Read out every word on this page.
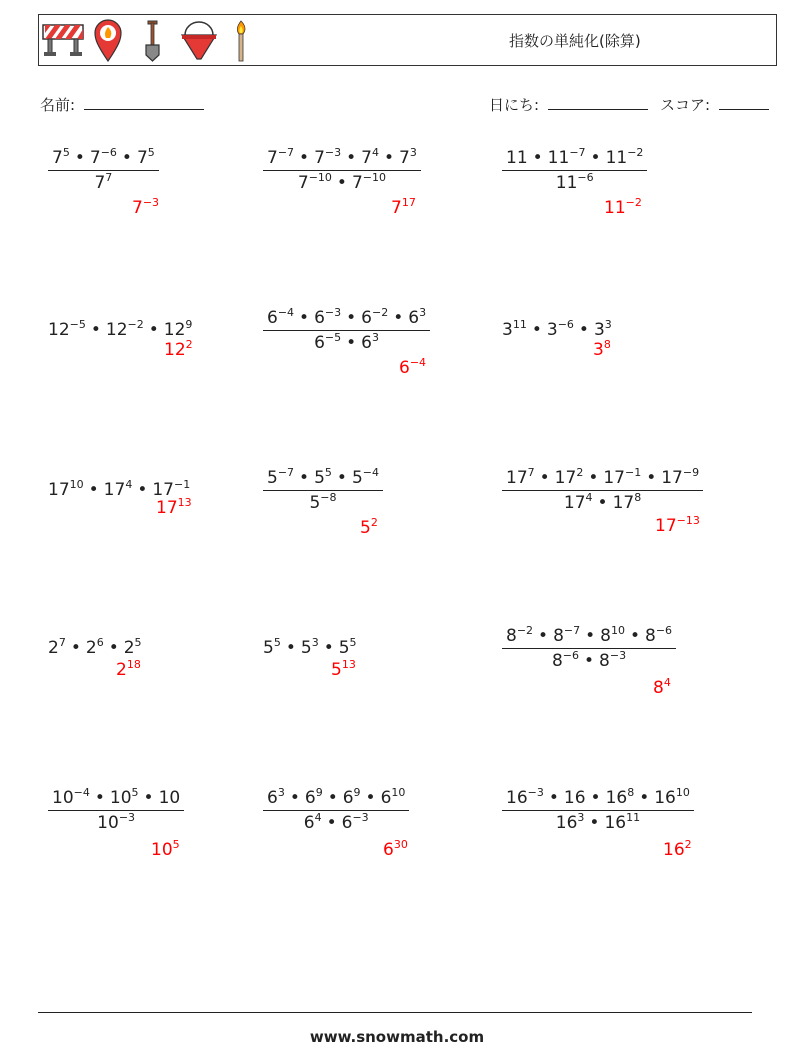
指数の単純化(除算)
名前:	日にち:	スコア:
$\frac{7^5 • 7^{-6} • 7^5}{7^7}$
$7^{-3}$
$\frac{7^{-7} • 7^{-3} • 7^4 • 7^3}{7^{-10} • 7^{-10}}$
$7^{17}$
$\frac{11 • 11^{-7} • 11^{-2}}{11^{-6}}$
$11^{-2}$
$12^{-5}$ • $12^{-2}$ • $12^9$
$12^2$	$\frac{6^{-4} • 6^{-3} • 6^{-2} • 6^3}{6^{-5} • 6^3}$
$6^{-4}$
$3^{11}$ • $3^{-6}$ • $3^3$
$3^8$
$17^{10}$ • $17^4$ • $17^{-1}$
$17^{13}$	$\frac{5^{-7} • 5^5 • 5^{-4}}{5^{-8}}$
$5^2$
$\frac{17^7 • 17^2 • 17^{-1} • 17^{-9}}{17^4 • 17^8}$
$17^{-13}$
$2^7$ • $2^6$ • $2^5$
$2^{18}$
$5^5$ • $5^3$ • $5^5$
$5^{13}$	$\frac{8^{-2} • 8^{-7} • 8^{10} • 8^{-6}}{8^{-6} • 8^{-3}}$
$8^4$
$\frac{10^{-4} • 10^5 • 10}{10^{-3}}$
$10^5$
$\frac{6^3 • 6^9 • 6^9 • 6^{10}}{6^4 • 6^{-3}}$
$6^{30}$
$\frac{16^{-3} • 16 • 16^8 • 16^{10}}{16^3 • 16^{11}}$
$16^2$
www.snowmath.com
